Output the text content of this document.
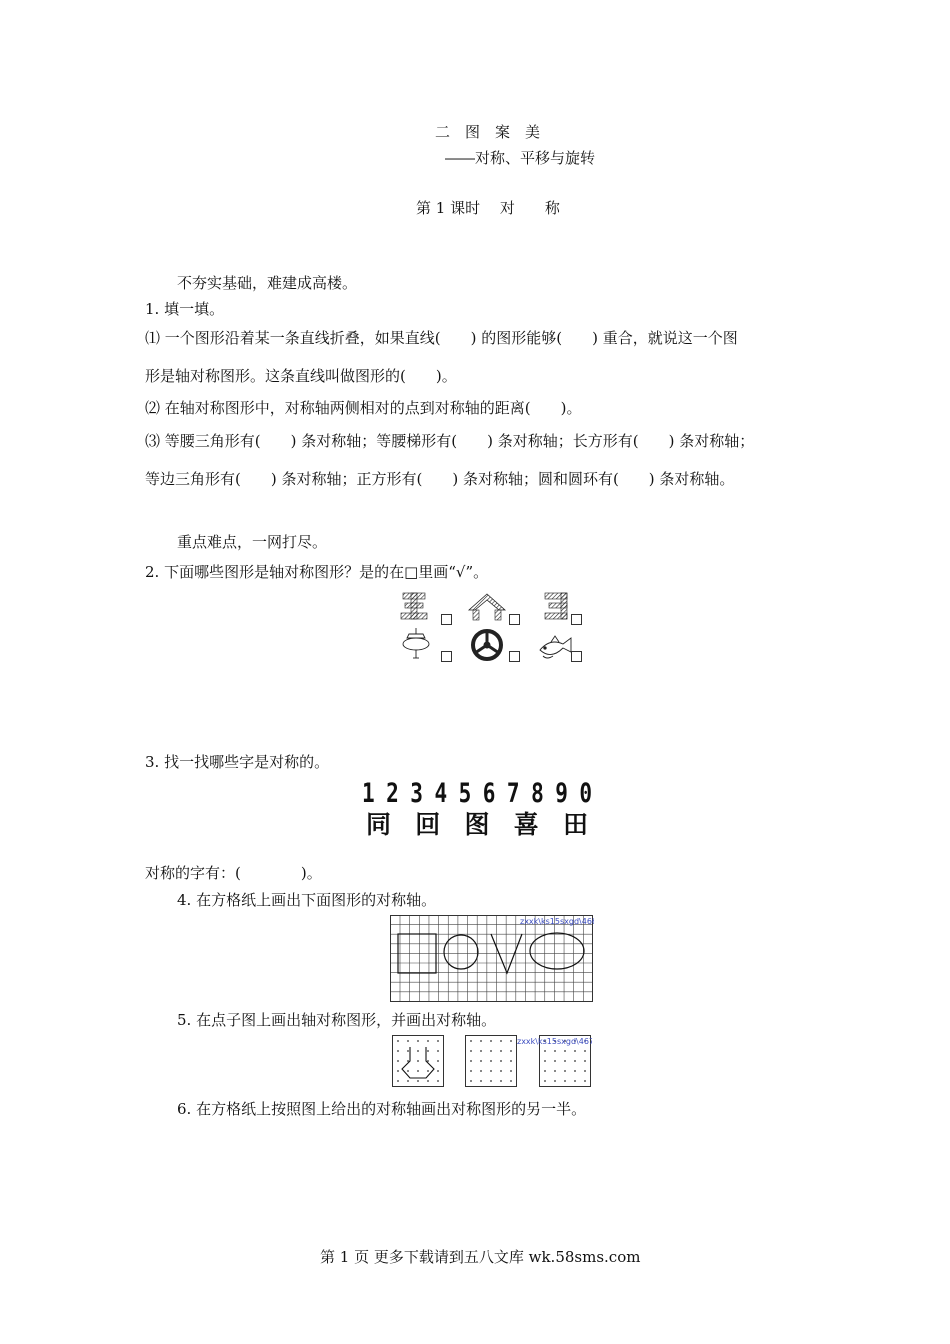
二　图　案　美
――对称、平移与旋转
第 1 课时　 对　　称
不夯实基础，难建成高楼。
1. 填一填。
⑴ 一个图形沿着某一条直线折叠，如果直线(　　) 的图形能够(　　) 重合，就说这一个图
形是轴对称图形。这条直线叫做图形的(　　)。
⑵ 在轴对称图形中，对称轴两侧相对的点到对称轴的距离(　　)。
⑶ 等腰三角形有(　　) 条对称轴；等腰梯形有(　　) 条对称轴；长方形有(　　) 条对称轴；
等边三角形有(　　) 条对称轴；正方形有(　　) 条对称轴；圆和圆环有(　　) 条对称轴。
重点难点，一网打尽。
2. 下面哪些图形是轴对称图形？是的在□里画“√”。
3. 找一找哪些字是对称的。
1 2 3 4 5 6 7 8 9 0
同 回 图 喜 田
对称的字有：(　　　　)。
4. 在方格纸上画出下面图形的对称轴。
zxxk\ks15sxgd\466
5. 在点子图上画出轴对称图形，并画出对称轴。
zxxk\ks15sxgd\467
6. 在方格纸上按照图上给出的对称轴画出对称图形的另一半。
第 1 页 更多下载请到五八文库 wk.58sms.com
